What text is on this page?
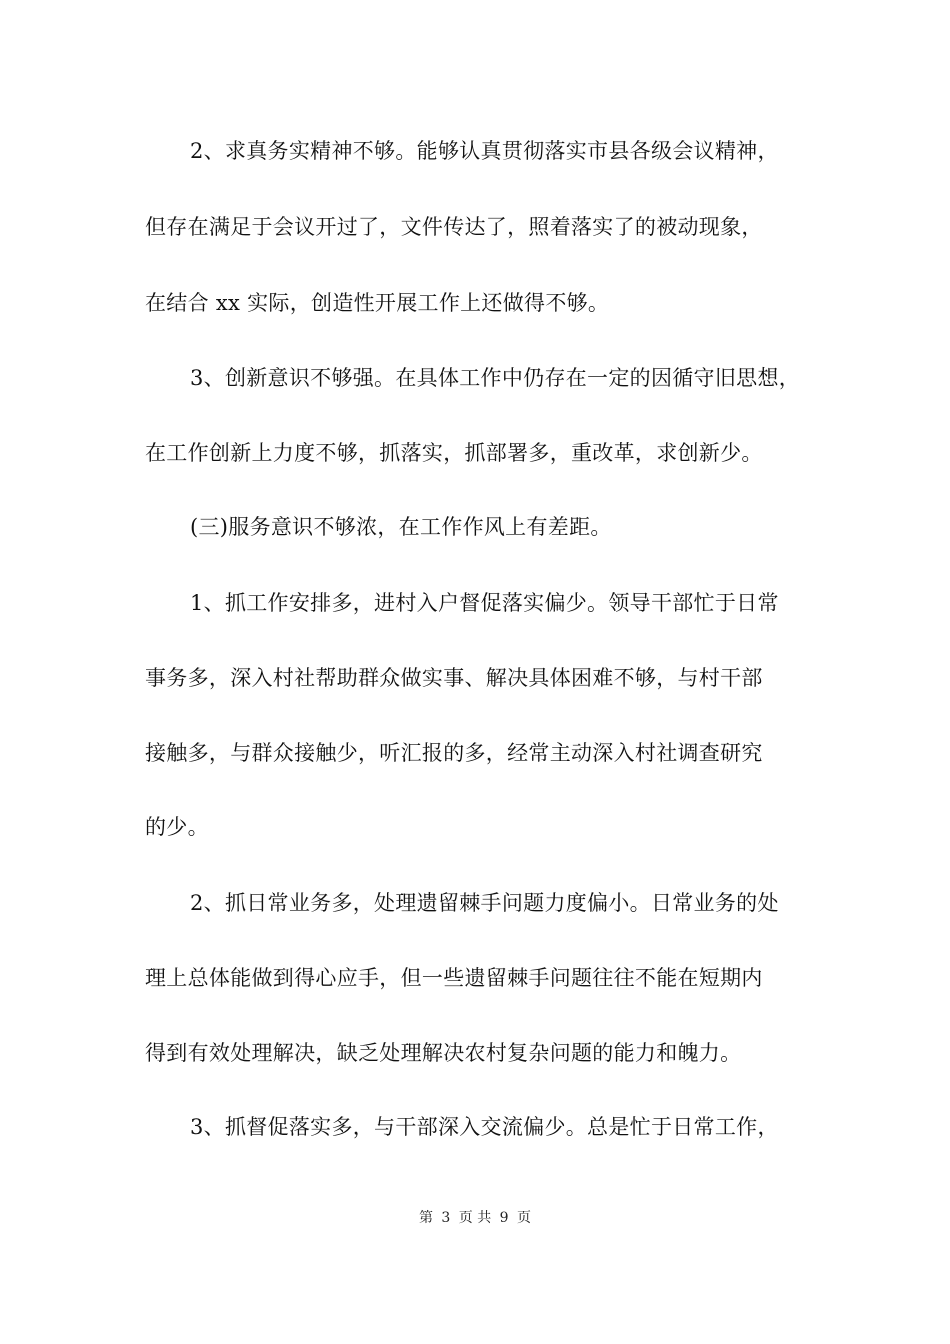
2、求真务实精神不够。能够认真贯彻落实市县各级会议精神，
但存在满足于会议开过了，文件传达了，照着落实了的被动现象，
在结合 xx 实际，创造性开展工作上还做得不够。
3、创新意识不够强。在具体工作中仍存在一定的因循守旧思想，
在工作创新上力度不够，抓落实，抓部署多，重改革，求创新少。
(三)服务意识不够浓，在工作作风上有差距。
1、抓工作安排多，进村入户督促落实偏少。领导干部忙于日常
事务多，深入村社帮助群众做实事、解决具体困难不够，与村干部
接触多，与群众接触少，听汇报的多，经常主动深入村社调查研究
的少。
2、抓日常业务多，处理遗留棘手问题力度偏小。日常业务的处
理上总体能做到得心应手，但一些遗留棘手问题往往不能在短期内
得到有效处理解决，缺乏处理解决农村复杂问题的能力和魄力。
3、抓督促落实多，与干部深入交流偏少。总是忙于日常工作，
第 3 页 共 9 页
